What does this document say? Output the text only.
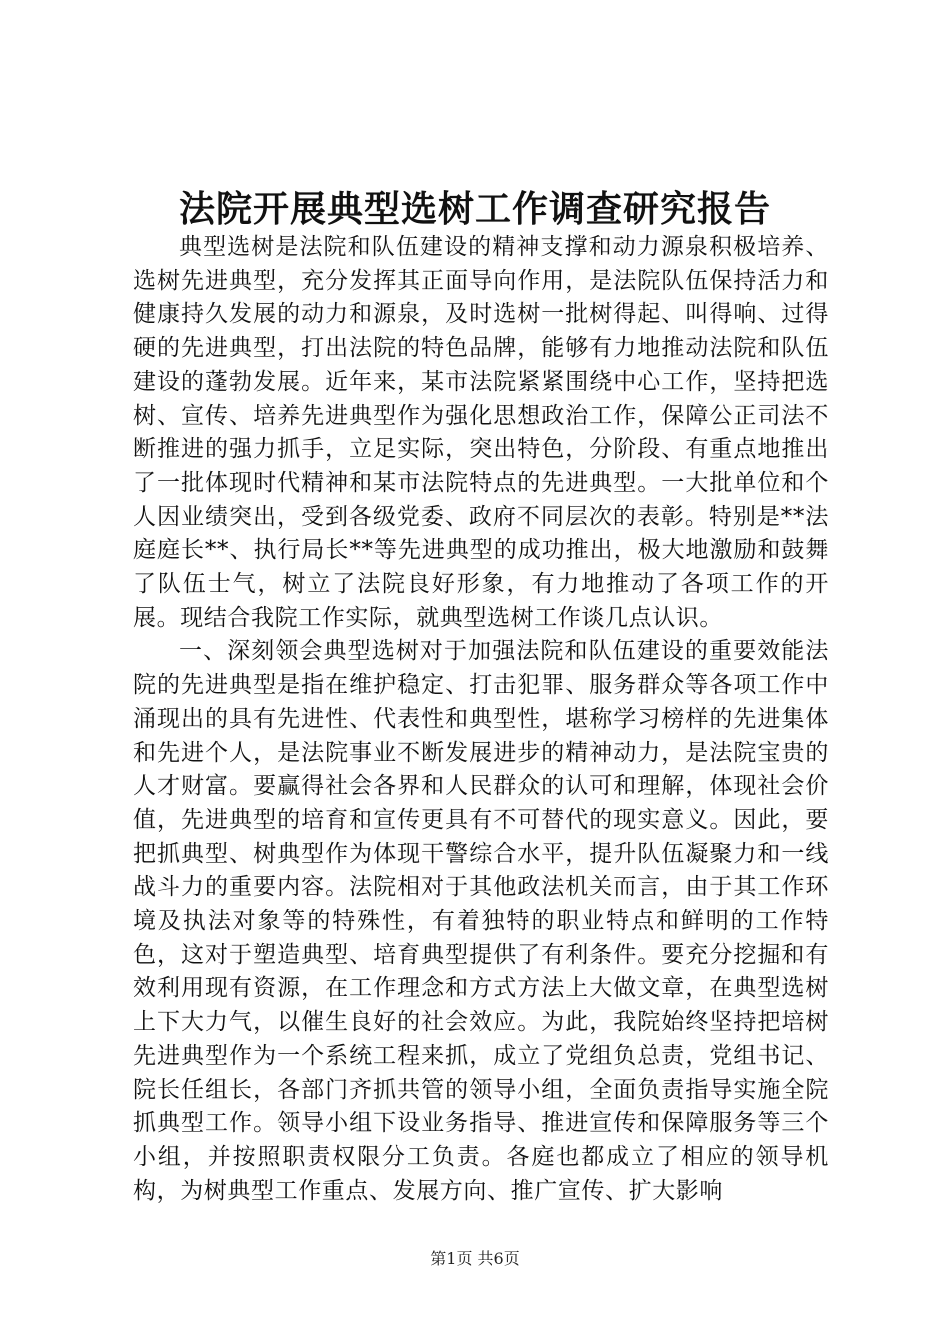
法院开展典型选树工作调查研究报告

典型选树是法院和队伍建设的精神支撑和动力源泉积极培养、选树先进典型，充分发挥其正面导向作用，是法院队伍保持活力和健康持久发展的动力和源泉，及时选树一批树得起、叫得响、过得硬的先进典型，打出法院的特色品牌，能够有力地推动法院和队伍建设的蓬勃发展。近年来，某市法院紧紧围绕中心工作，坚持把选树、宣传、培养先进典型作为强化思想政治工作，保障公正司法不断推进的强力抓手，立足实际，突出特色，分阶段、有重点地推出了一批体现时代精神和某市法院特点的先进典型。一大批单位和个人因业绩突出，受到各级党委、政府不同层次的表彰。特别是**法庭庭长**、执行局长**等先进典型的成功推出，极大地激励和鼓舞了队伍士气，树立了法院良好形象，有力地推动了各项工作的开展。现结合我院工作实际，就典型选树工作谈几点认识。

一、深刻领会典型选树对于加强法院和队伍建设的重要效能法院的先进典型是指在维护稳定、打击犯罪、服务群众等各项工作中涌现出的具有先进性、代表性和典型性，堪称学习榜样的先进集体和先进个人，是法院事业不断发展进步的精神动力，是法院宝贵的人才财富。要赢得社会各界和人民群众的认可和理解，体现社会价值，先进典型的培育和宣传更具有不可替代的现实意义。因此，要把抓典型、树典型作为体现干警综合水平，提升队伍凝聚力和一线战斗力的重要内容。法院相对于其他政法机关而言，由于其工作环境及执法对象等的特殊性，有着独特的职业特点和鲜明的工作特色，这对于塑造典型、培育典型提供了有利条件。要充分挖掘和有效利用现有资源，在工作理念和方式方法上大做文章，在典型选树上下大力气，以催生良好的社会效应。为此，我院始终坚持把培树先进典型作为一个系统工程来抓，成立了党组负总责，党组书记、院长任组长，各部门齐抓共管的领导小组，全面负责指导实施全院抓典型工作。领导小组下设业务指导、推进宣传和保障服务等三个小组，并按照职责权限分工负责。各庭也都成立了相应的领导机构，为树典型工作重点、发展方向、推广宣传、扩大影响

第1页 共6页
